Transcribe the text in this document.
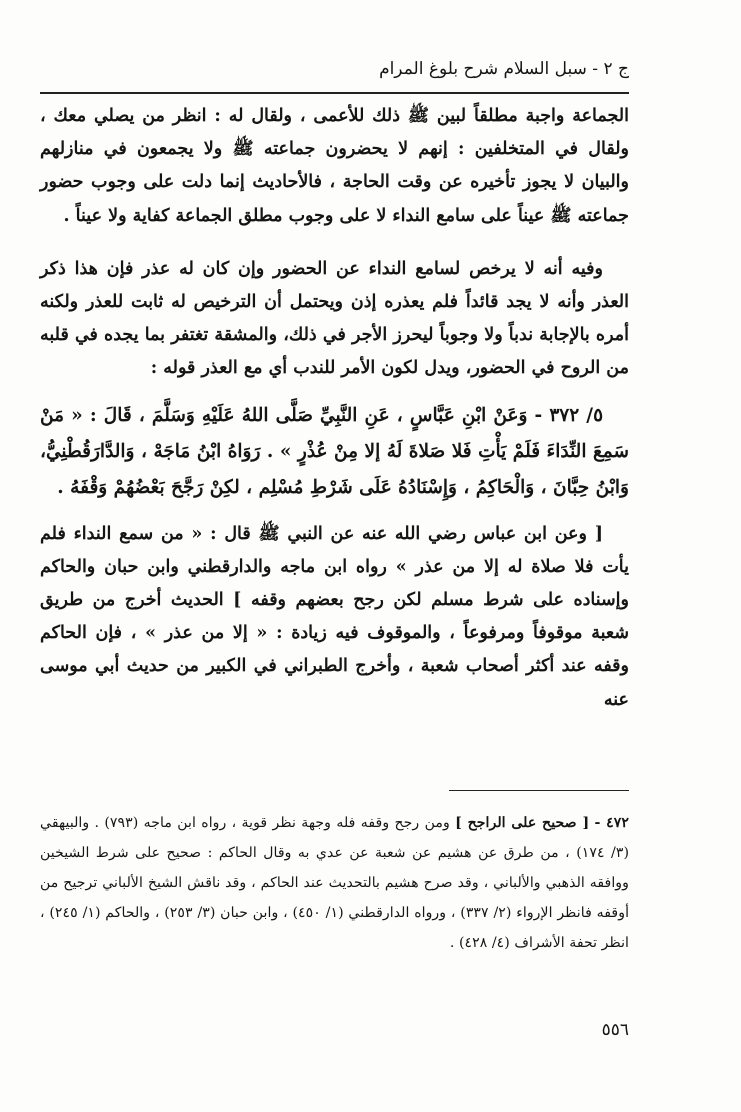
ج ٢ - سبل السلام شرح بلوغ المرام

الجماعة واجبة مطلقاً لبين ﷺ ذلك للأعمى ، ولقال له : انظر من يصلي معك ، ولقال في المتخلفين : إنهم لا يحضرون جماعته ﷺ ولا يجمعون في منازلهم والبيان لا يجوز تأخيره عن وقت الحاجة ، فالأحاديث إنما دلت على وجوب حضور جماعته ﷺ عيناً على سامع النداء لا على وجوب مطلق الجماعة كفاية ولا عيناً .

وفيه أنه لا يرخص لسامع النداء عن الحضور وإن كان له عذر فإن هذا ذكر العذر وأنه لا يجد قائداً فلم يعذره إذن ويحتمل أن الترخيص له ثابت للعذر ولكنه أمره بالإجابة ندباً ولا وجوباً ليحرز الأجر في ذلك، والمشقة تغتفر بما يجده في قلبه من الروح في الحضور، ويدل لكون الأمر للندب أي مع العذر قوله :

٥/ ٣٧٢ - وَعَنْ ابْنِ عَبَّاسٍ ، عَنِ النَّبِيِّ صَلَّى اللهُ عَلَيْهِ وَسَلَّمَ ، قَالَ : « مَنْ سَمِعَ النِّدَاءَ فَلَمْ يَأْتِ فَلا صَلاةَ لَهُ إلا مِنْ عُذْرٍ » . رَوَاهُ ابْنُ مَاجَهْ ، وَالدَّارَقُطْنِيُّ، وَابْنُ حِبَّانَ ، وَالْحَاكِمُ ، وَإِسْنَادُهُ عَلَى شَرْطِ مُسْلِم ، لكِنْ رَجَّحَ بَعْضُهُمْ وَقْفَهُ .

[ وعن ابن عباس رضي الله عنه عن النبي ﷺ قال : « من سمع النداء فلم يأت فلا صلاة له إلا من عذر » رواه ابن ماجه والدارقطني وابن حبان والحاكم وإسناده على شرط مسلم لكن رجح بعضهم وقفه ] الحديث أخرج من طريق شعبة موقوفاً ومرفوعاً ، والموقوف فيه زيادة : « إلا من عذر » ، فإن الحاكم وقفه عند أكثر أصحاب شعبة ، وأخرج الطبراني في الكبير من حديث أبي موسى عنه

٤٧٢ - [ صحيح على الراجح ] ومن رجح وقفه فله وجهة نظر قوية ، رواه ابن ماجه (٧٩٣) . والبيهقي (٣/ ١٧٤) ، من طرق عن هشيم عن شعبة عن عدي به وقال الحاكم : صحيح على شرط الشيخين ووافقه الذهبي والألباني ، وقد صرح هشيم بالتحديث عند الحاكم ، وقد ناقش الشيخ الألباني ترجيح من أوقفه فانظر الإرواء (٢/ ٣٣٧) ، ورواه الدارقطني (١/ ٤٥٠) ، وابن حبان (٣/ ٢٥٣) ، والحاكم (١/ ٢٤٥) ، انظر تحفة الأشراف (٤/ ٤٢٨) .

٥٥٦
